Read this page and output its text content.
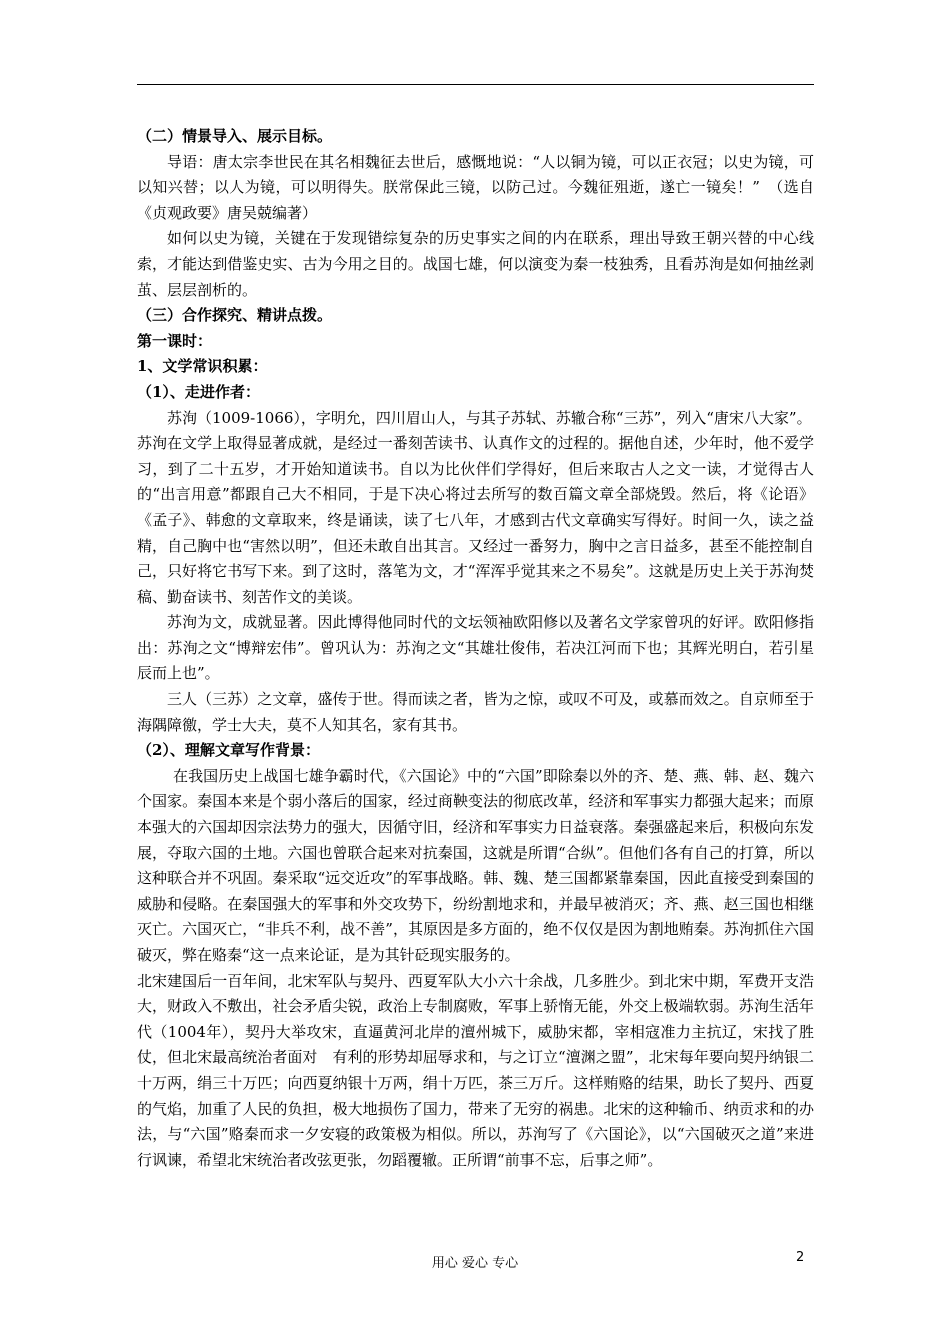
（二）情景导入、展示目标。

导语：唐太宗李世民在其名相魏征去世后，感慨地说：“人以铜为镜，可以正衣冠；以史为镜，可以知兴替；以人为镜，可以明得失。朕常保此三镜，以防己过。今魏征殂逝，遂亡一镜矣！”　（选自《贞观政要》唐吴兢编著）

如何以史为镜，关键在于发现错综复杂的历史事实之间的内在联系，理出导致王朝兴替的中心线索，才能达到借鉴史实、古为今用之目的。战国七雄，何以演变为秦一枝独秀，且看苏洵是如何抽丝剥茧、层层剖析的。

（三）合作探究、精讲点拨。

第一课时：

1、文学常识积累：

（1）、走进作者：

苏洵（1009-1066），字明允，四川眉山人，与其子苏轼、苏辙合称“三苏”，列入“唐宋八大家”。

苏洵在文学上取得显著成就，是经过一番刻苦读书、认真作文的过程的。据他自述，少年时，他不爱学习，到了二十五岁，才开始知道读书。自以为比伙伴们学得好，但后来取古人之文一读，才觉得古人的“出言用意”都跟自己大不相同，于是下决心将过去所写的数百篇文章全部烧毁。然后，将《论语》《孟子》、韩愈的文章取来，终是诵读，读了七八年，才感到古代文章确实写得好。时间一久，读之益精，自己胸中也“害然以明”，但还未敢自出其言。又经过一番努力，胸中之言日益多，甚至不能控制自己，只好将它书写下来。到了这时，落笔为文，才“浑浑乎觉其来之不易矣”。这就是历史上关于苏洵焚稿、勤奋读书、刻苦作文的美谈。

苏洵为文，成就显著。因此博得他同时代的文坛领袖欧阳修以及著名文学家曾巩的好评。欧阳修指出：苏洵之文“博辩宏伟”。曾巩认为：苏洵之文“其雄壮俊伟，若决江河而下也；其辉光明白，若引星辰而上也”。

三人（三苏）之文章，盛传于世。得而读之者，皆为之惊，或叹不可及，或慕而效之。自京师至于海隅障徼，学士大夫，莫不人知其名，家有其书。

（2）、理解文章写作背景：

在我国历史上战国七雄争霸时代，《六国论》中的“六国”即除秦以外的齐、楚、燕、韩、赵、魏六个国家。秦国本来是个弱小落后的国家，经过商鞅变法的彻底改革，经济和军事实力都强大起来；而原本强大的六国却因宗法势力的强大，因循守旧，经济和军事实力日益衰落。秦强盛起来后，积极向东发展，夺取六国的土地。六国也曾联合起来对抗秦国，这就是所谓“合纵”。但他们各有自己的打算，所以这种联合并不巩固。秦采取“远交近攻”的军事战略。韩、魏、楚三国都紧靠秦国，因此直接受到秦国的威胁和侵略。在秦国强大的军事和外交攻势下，纷纷割地求和，并最早被消灭；齐、燕、赵三国也相继灭亡。六国灭亡，“非兵不利，战不善”，其原因是多方面的，绝不仅仅是因为割地贿秦。苏洵抓住六国破灭，弊在赂秦“这一点来论证，是为其针砭现实服务的。

北宋建国后一百年间，北宋军队与契丹、西夏军队大小六十余战，几多胜少。到北宋中期，军费开支浩大，财政入不敷出，社会矛盾尖锐，政治上专制腐败，军事上骄惰无能，外交上极端软弱。苏洵生活年代（1004年），契丹大举攻宋，直逼黄河北岸的澶州城下，威胁宋都，宰相寇准力主抗辽，宋找了胜仗，但北宋最高统治者面对　有利的形势却屈辱求和，与之订立“澶渊之盟”，北宋每年要向契丹纳银二十万两，绢三十万匹；向西夏纳银十万两，绢十万匹，茶三万斤。这样贿赂的结果，助长了契丹、西夏的气焰，加重了人民的负担，极大地损伤了国力，带来了无穷的祸患。北宋的这种输币、纳贡求和的办法，与“六国”赂秦而求一夕安寝的政策极为相似。所以，苏洵写了《六国论》，以“六国破灭之道”来进行讽谏，希望北宋统治者改弦更张，勿蹈覆辙。正所谓“前事不忘，后事之师”。

用心 爱心 专心	2
